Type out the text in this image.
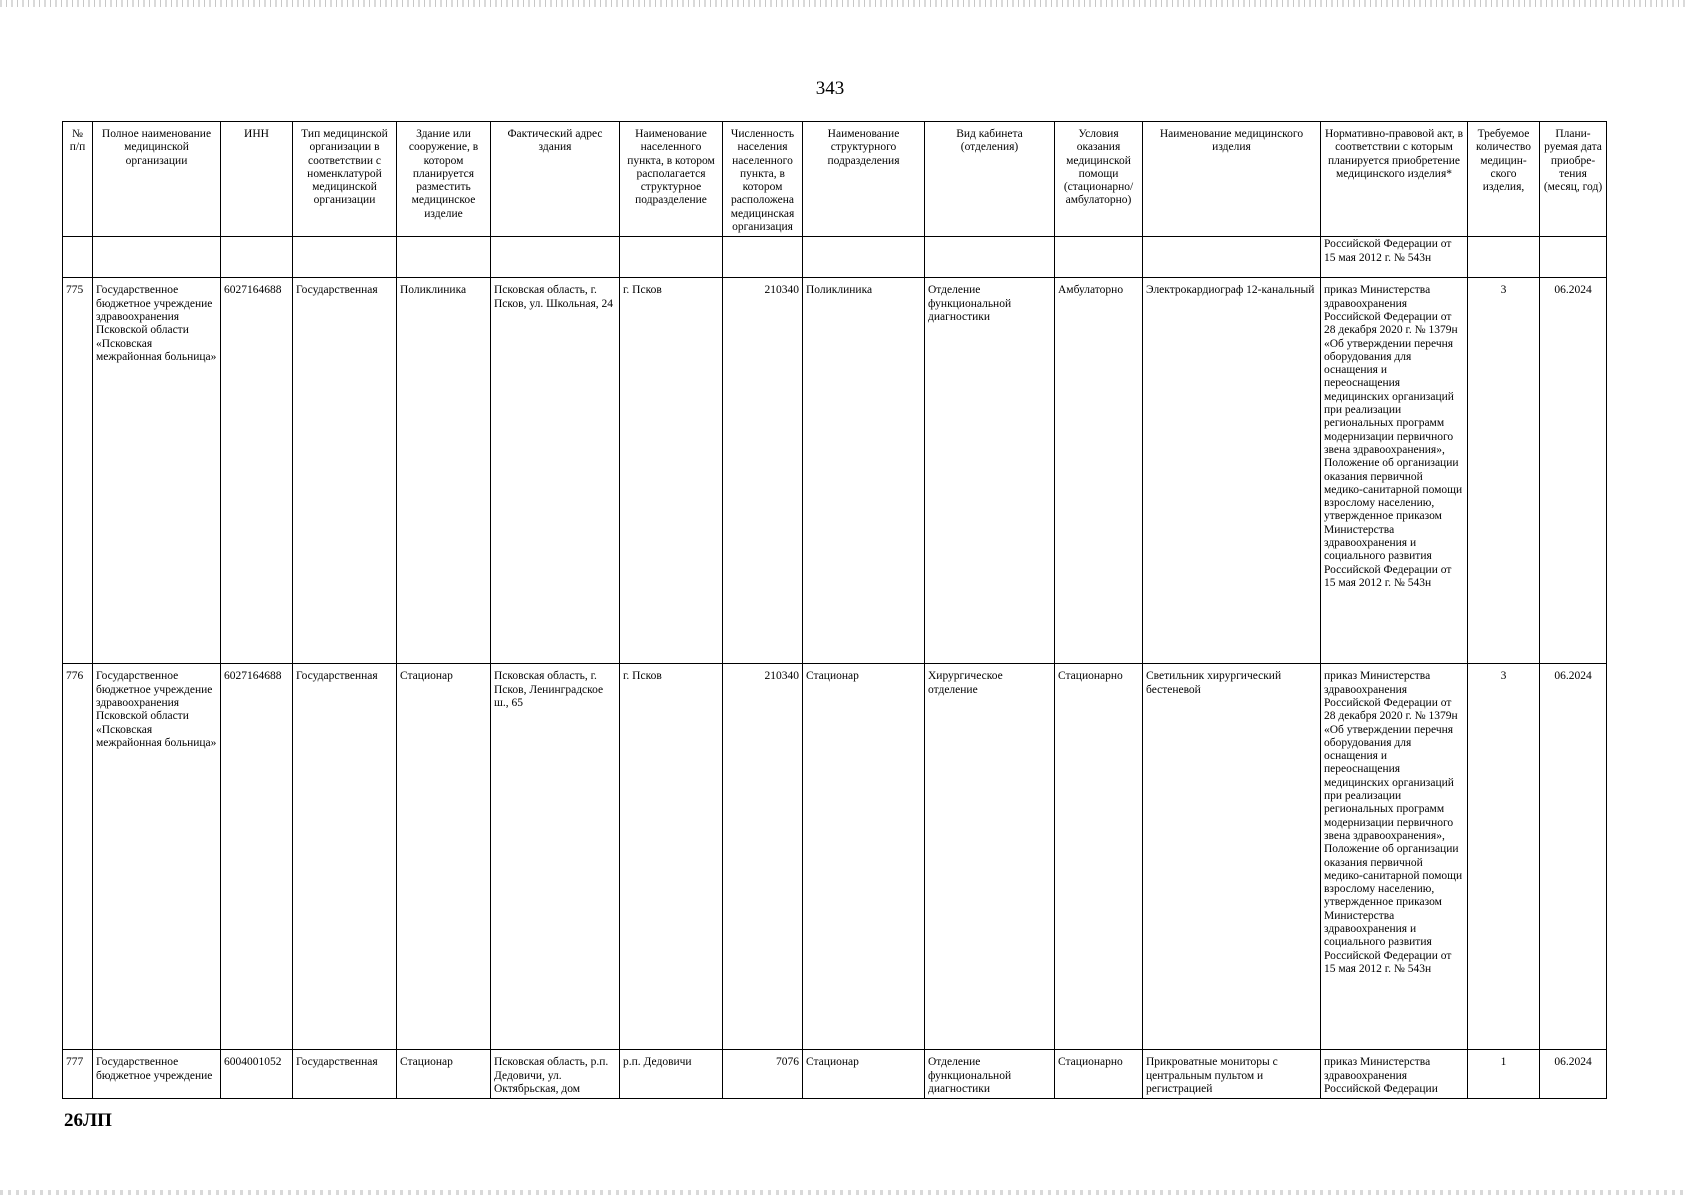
343
№ п/п	Полное наименование медицинской организации	ИНН	Тип медицинской организации в соответствии с номенклатурой медицинской организации	Здание или сооружение, в котором планируется разместить медицинское изделие	Фактический адрес здания	Наименование населенного пункта, в котором располагается структурное подразделение	Численность населения населенного пункта, в котором расположена медицинская организация	Наименование структурного подразделения	Вид кабинета (отделения)	Условия оказания медицинской помощи (стационарно/ амбулаторно)	Наименование медицинского изделия	Нормативно-правовой акт, в соответствии с которым планируется приобретение медицинского изделия*	Требуемое количество медицин-ского изделия,	Плани-руемая дата приобре-тения (месяц, год)
												Российской Федерации от 15 мая 2012 г. № 543н		
775	Государственное бюджетное учреждение здравоохранения Псковской области «Псковская межрайонная больница»	6027164688	Государственная	Поликлиника	Псковская область, г. Псков, ул. Школьная, 24	г. Псков	210340	Поликлиника	Отделение функциональной диагностики	Амбулаторно	Электрокардиограф 12-канальный	приказ Министерства здравоохранения Российской Федерации от 28 декабря 2020 г. № 1379н «Об утверждении перечня оборудования для оснащения и переоснащения медицинских организаций при реализации региональных программ модернизации первичного звена здравоохранения», Положение об организации оказания первичной медико-санитарной помощи взрослому населению, утвержденное приказом Министерства здравоохранения и социального развития Российской Федерации от 15 мая 2012 г. № 543н	3	06.2024
776	Государственное бюджетное учреждение здравоохранения Псковской области «Псковская межрайонная больница»	6027164688	Государственная	Стационар	Псковская область, г. Псков, Ленинградское ш., 65	г. Псков	210340	Стационар	Хирургическое отделение	Стационарно	Светильник хирургический бестеневой	приказ Министерства здравоохранения Российской Федерации от 28 декабря 2020 г. № 1379н «Об утверждении перечня оборудования для оснащения и переоснащения медицинских организаций при реализации региональных программ модернизации первичного звена здравоохранения», Положение об организации оказания первичной медико-санитарной помощи взрослому населению, утвержденное приказом Министерства здравоохранения и социального развития Российской Федерации от 15 мая 2012 г. № 543н	3	06.2024
777	Государственное бюджетное учреждение	6004001052	Государственная	Стационар	Псковская область, р.п. Дедовичи, ул. Октябрьская, дом	р.п. Дедовичи	7076	Стационар	Отделение функциональной диагностики	Стационарно	Прикроватные мониторы с центральным пультом и регистрацией	приказ Министерства здравоохранения Российской Федерации	1	06.2024
26ЛП
